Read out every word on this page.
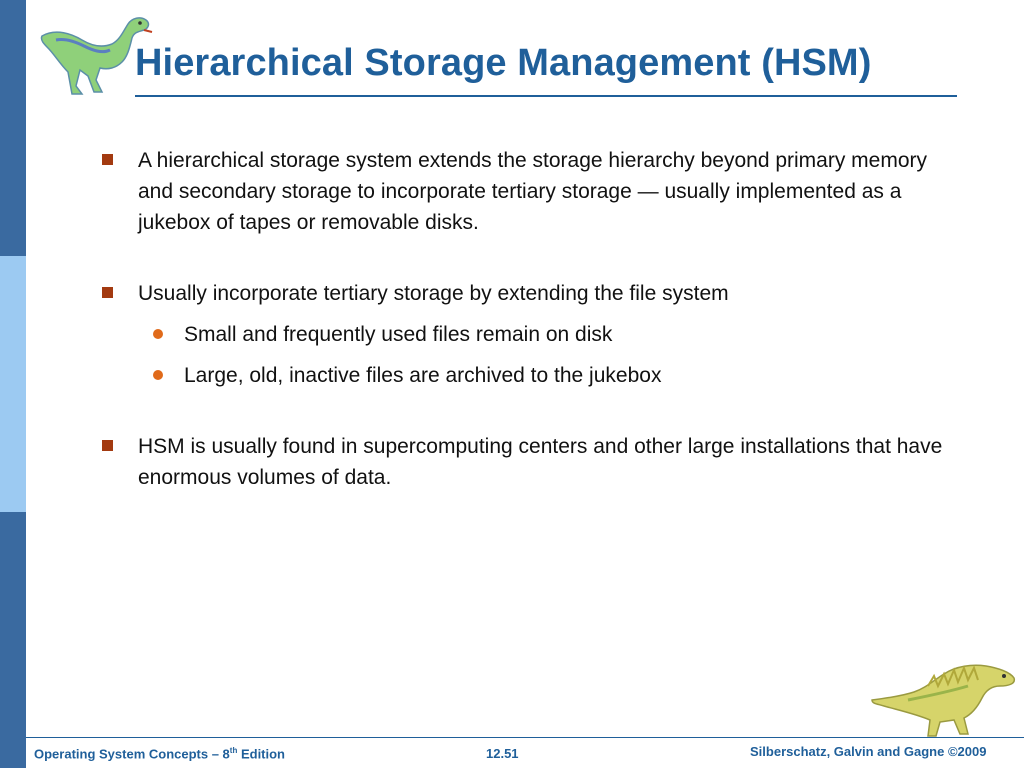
Hierarchical Storage Management (HSM)
A hierarchical storage system extends the storage hierarchy beyond primary memory and secondary storage to incorporate tertiary storage — usually implemented as a jukebox of tapes or removable disks.
Usually incorporate tertiary storage by extending the file system
Small and frequently used files remain on disk
Large, old, inactive files are archived to the jukebox
HSM is usually found in supercomputing centers and other large installations that have enormous volumes of data.
Operating System Concepts – 8th Edition	12.51	Silberschatz, Galvin and Gagne ©2009
